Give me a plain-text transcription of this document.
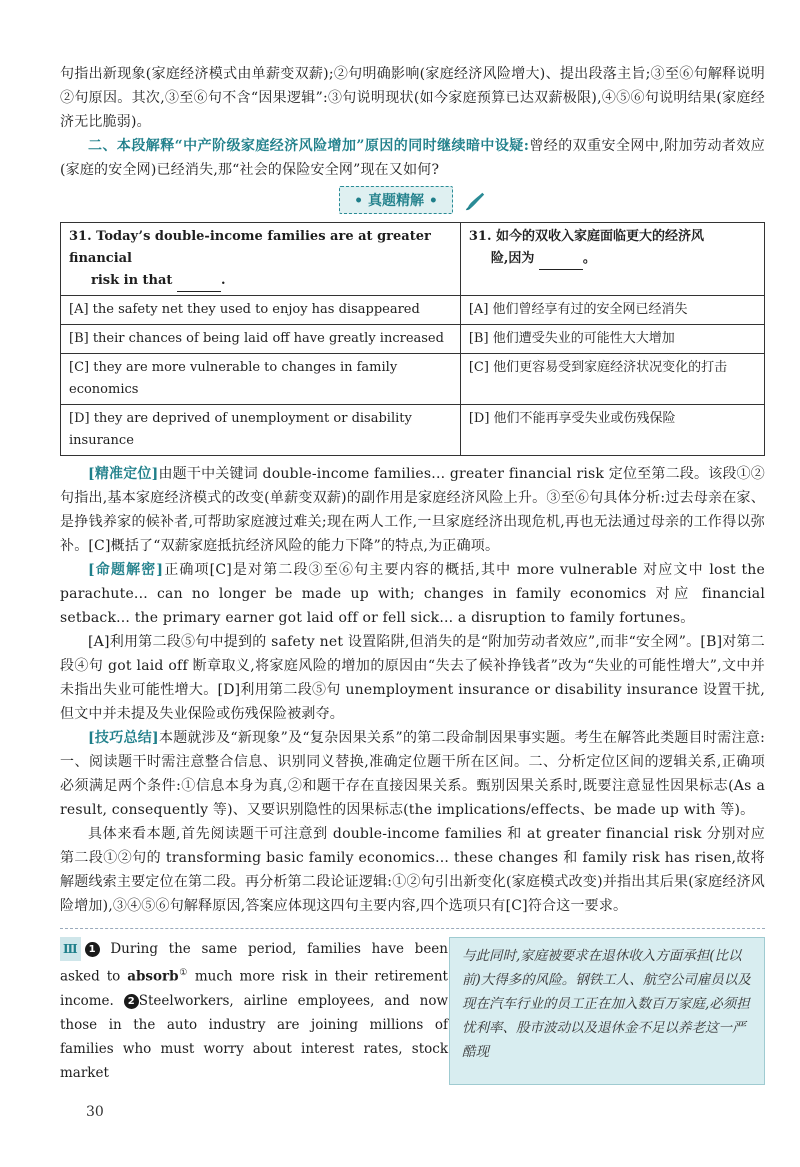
句指出新现象(家庭经济模式由单薪变双薪);②句明确影响(家庭经济风险增大)、提出段落主旨;③至⑥句解释说明②句原因。其次,③至⑥句不含“因果逻辑”:③句说明现状(如今家庭预算已达双薪极限),④⑤⑥句说明结果(家庭经济无比脆弱)。

二、本段解释“中产阶级家庭经济风险增加”原因的同时继续暗中设疑:曾经的双重安全网中,附加劳动者效应(家庭的安全网)已经消失,那“社会的保险安全网”现在又如何?

• 真题精解 •
31. Today’s double-income families are at greater financial
risk in that .	31. 如今的双收入家庭面临更大的经济风
险,因为 。
[A] the safety net they used to enjoy has disappeared	[A] 他们曾经享有过的安全网已经消失
[B] their chances of being laid off have greatly increased	[B] 他们遭受失业的可能性大大增加
[C] they are more vulnerable to changes in family economics	[C] 他们更容易受到家庭经济状况变化的打击
[D] they are deprived of unemployment or disability insurance	[D] 他们不能再享受失业或伤残保险

[精准定位]由题干中关键词 double-income families... greater financial risk 定位至第二段。该段①②句指出,基本家庭经济模式的改变(单薪变双薪)的副作用是家庭经济风险上升。③至⑥句具体分析:过去母亲在家、是挣钱养家的候补者,可帮助家庭渡过难关;现在两人工作,一旦家庭经济出现危机,再也无法通过母亲的工作得以弥补。[C]概括了“双薪家庭抵抗经济风险的能力下降”的特点,为正确项。

[命题解密]正确项[C]是对第二段③至⑥句主要内容的概括,其中 more vulnerable 对应文中 lost the parachute... can no longer be made up with; changes in family economics 对应 financial setback... the primary earner got laid off or fell sick... a disruption to family fortunes。

[A]利用第二段⑤句中提到的 safety net 设置陷阱,但消失的是“附加劳动者效应”,而非“安全网”。[B]对第二段④句 got laid off 断章取义,将家庭风险的增加的原因由“失去了候补挣钱者”改为“失业的可能性增大”,文中并未指出失业可能性增大。[D]利用第二段⑤句 unemployment insurance or disability insurance 设置干扰,但文中并未提及失业保险或伤残保险被剥夺。

[技巧总结]本题就涉及“新现象”及“复杂因果关系”的第二段命制因果事实题。考生在解答此类题目时需注意:一、阅读题干时需注意整合信息、识别同义替换,准确定位题干所在区间。二、分析定位区间的逻辑关系,正确项必须满足两个条件:①信息本身为真,②和题干存在直接因果关系。甄别因果关系时,既要注意显性因果标志(As a result, consequently 等)、又要识别隐性的因果标志(the implications/effects、be made up with 等)。

具体来看本题,首先阅读题干可注意到 double-income families 和 at greater financial risk 分别对应第二段①②句的 transforming basic family economics... these changes 和 family risk has risen,故将解题线索主要定位在第二段。再分析第二段论证逻辑:①②句引出新变化(家庭模式改变)并指出其后果(家庭经济风险增加),③④⑤⑥句解释原因,答案应体现这四句主要内容,四个选项只有[C]符合这一要求。

Ⅲ 1 During the same period, families have been asked to absorb① much more risk in their retirement income. 2 Steelworkers, airline employees, and now those in the auto industry are joining millions of families who must worry about interest rates, stock market
与此同时,家庭被要求在退休收入方面承担(比以前)大得多的风险。钢铁工人、航空公司雇员以及现在汽车行业的员工正在加入数百万家庭,必须担忧利率、股市波动以及退休金不足以养老这一严酷现
30
